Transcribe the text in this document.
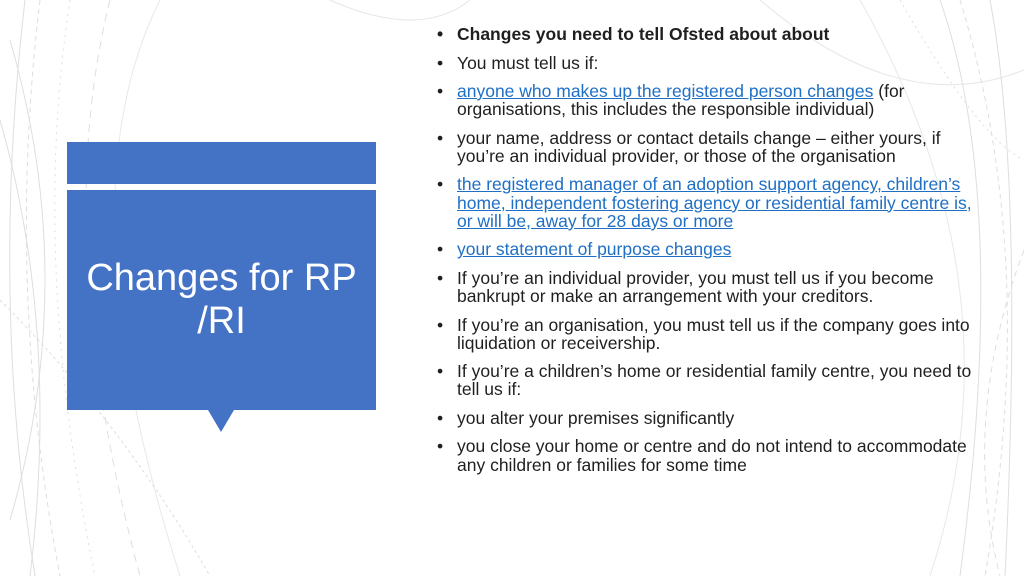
Changes for RP
/RI
• Changes you need to tell Ofsted about about
• You must tell us if:
• anyone who makes up the registered person changes (for organisations, this includes the responsible individual)
• your name, address or contact details change – either yours, if you’re an individual provider, or those of the organisation
• the registered manager of an adoption support agency, children’s home, independent fostering agency or residential family centre is, or will be, away for 28 days or more
• your statement of purpose changes
• If you’re an individual provider, you must tell us if you become bankrupt or make an arrangement with your creditors.
• If you’re an organisation, you must tell us if the company goes into liquidation or receivership.
• If you’re a children’s home or residential family centre, you need to tell us if:
• you alter your premises significantly
• you close your home or centre and do not intend to accommodate any children or families for some time
